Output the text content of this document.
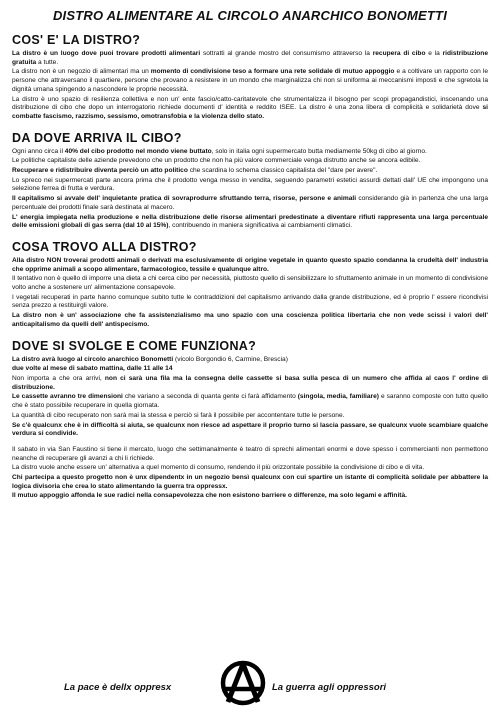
DISTRO ALIMENTARE AL CIRCOLO ANARCHICO BONOMETTI
COS' E' LA DISTRO?

La distro è un luogo dove puoi trovare prodotti alimentari sottratti al grande mostro del consumismo attraverso la recupera di cibo e la ridistribuzione gratuita a tutte.

La distro non è un negozio di alimentari ma un momento di condivisione teso a formare una rete solidale di mutuo appoggio e a coltivare un rapporto con le persone che attraversano il quartiere, persone che provano a resistere in un mondo che marginalizza chi non si uniforma ai meccanismi imposti e che sgretola la dignità umana spingendo a nascondere le proprie necessità.

La distro è uno spazio di resilienza collettiva e non un' ente fascio/catto-caritatevole che strumentalizza il bisogno per scopi propagandistici, inscenando una distribuzione di cibo che dopo un interrogatorio richiede documenti d' identità e reddito ISEE. La distro è una zona libera di complicità e solidarietà dove si combatte fascismo, razzismo, sessismo, omotransfobia e la violenza dello stato.

DA DOVE ARRIVA IL CIBO?

Ogni anno circa il 40% del cibo prodotto nel mondo viene buttato, solo in italia ogni supermercato butta mediamente 50kg di cibo al giorno.

Le politiche capitaliste delle aziende prevedono che un prodotto che non ha più valore commerciale venga distrutto anche se ancora edibile.

Recuperare e ridistribuire diventa perciò un atto politico che scardina lo schema classico capitalista del "dare per avere".

Lo spreco nei supermercati parte ancora prima che il prodotto venga messo in vendita, seguendo parametri estetici assurdi dettati dall' UE che impongono una selezione ferrea di frutta e verdura.

Il capitalismo si avvale dell' inquietante pratica di sovraprodurre sfruttando terra, risorse, persone e animali considerando già in partenza che una larga percentuale dei prodotti finale sarà destinata al macero.

L' energia impiegata nella produzione e nella distribuzione delle risorse alimentari predestinate a diventare rifiuti rappresenta una larga percentuale delle emissioni globali di gas serra (dal 10 al 15%), contribuendo in maniera significativa ai cambiamenti climatici.

COSA TROVO ALLA DISTRO?

Alla distro NON troverai prodotti animali o derivati ma esclusivamente di origine vegetale in quanto questo spazio condanna la crudeltà dell' industria che opprime animali a scopo alimentare, farmacologico, tessile e qualunque altro.

Il tentativo non è quello di imporre una dieta a chi cerca cibo per necessità, piuttosto quello di sensibilizzare lo sfruttamento animale in un momento di condivisione volto anche a sostenere un' alimentazione consapevole.

I vegetali recuperati in parte hanno comunque subito tutte le contraddizioni del capitalismo arrivando dalla grande distribuzione, ed è proprio l' essere ricondivisi senza prezzo a restituirgli valore.

La distro non è un' associazione che fa assistenzialismo ma uno spazio con una coscienza politica libertaria che non vede scissi i valori dell' anticapitalismo da quelli dell' antispecismo.

DOVE SI SVOLGE E COME FUNZIONA?

La distro avrà luogo al circolo anarchico Bonometti (vicolo Borgondio 6, Carmine, Brescia)

due volte al mese di sabato mattina, dalle 11 alle 14

Non importa a che ora arrivi, non ci sarà una fila ma la consegna delle cassette si basa sulla pesca di un numero che affida al caos l' ordine di distribuzione.

Le cassette avranno tre dimensioni che variano a seconda di quanta gente ci farà affidamento (singola, media, familiare) e saranno composte con tutto quello che è stato possibile recuperare in quella giornata.

La quantità di cibo recuperato non sarà mai la stessa e perciò si farà il possibile per accontentare tutte le persone.

Se c'è qualcunx che è in difficoltà si aiuta, se qualcunx non riesce ad aspettare il proprio turno si lascia passare, se qualcunx vuole scambiare qualche verdura si condivide.

Il sabato in via San Faustino si tiene il mercato, luogo che settimanalmente è teatro di sprechi alimentari enormi e dove spesso i commercianti non permettono neanche di recuperare gli avanzi a chi li richiede.

La distro vuole anche essere un' alternativa a quel momento di consumo, rendendo il più orizzontale possibile la condivisione di cibo e di vita.

Chi partecipa a questo progetto non è unx dipendentx in un negozio bensì qualcunx con cui spartire un istante di complicità solidale per abbattere la logica divisoria che crea lo stato alimentando la guerra tra oppressx.

Il mutuo appoggio affonda le sue radici nella consapevolezza che non esistono barriere o differenze, ma solo legami e affinità.

La pace è dellx oppresx	La guerra agli oppressori
